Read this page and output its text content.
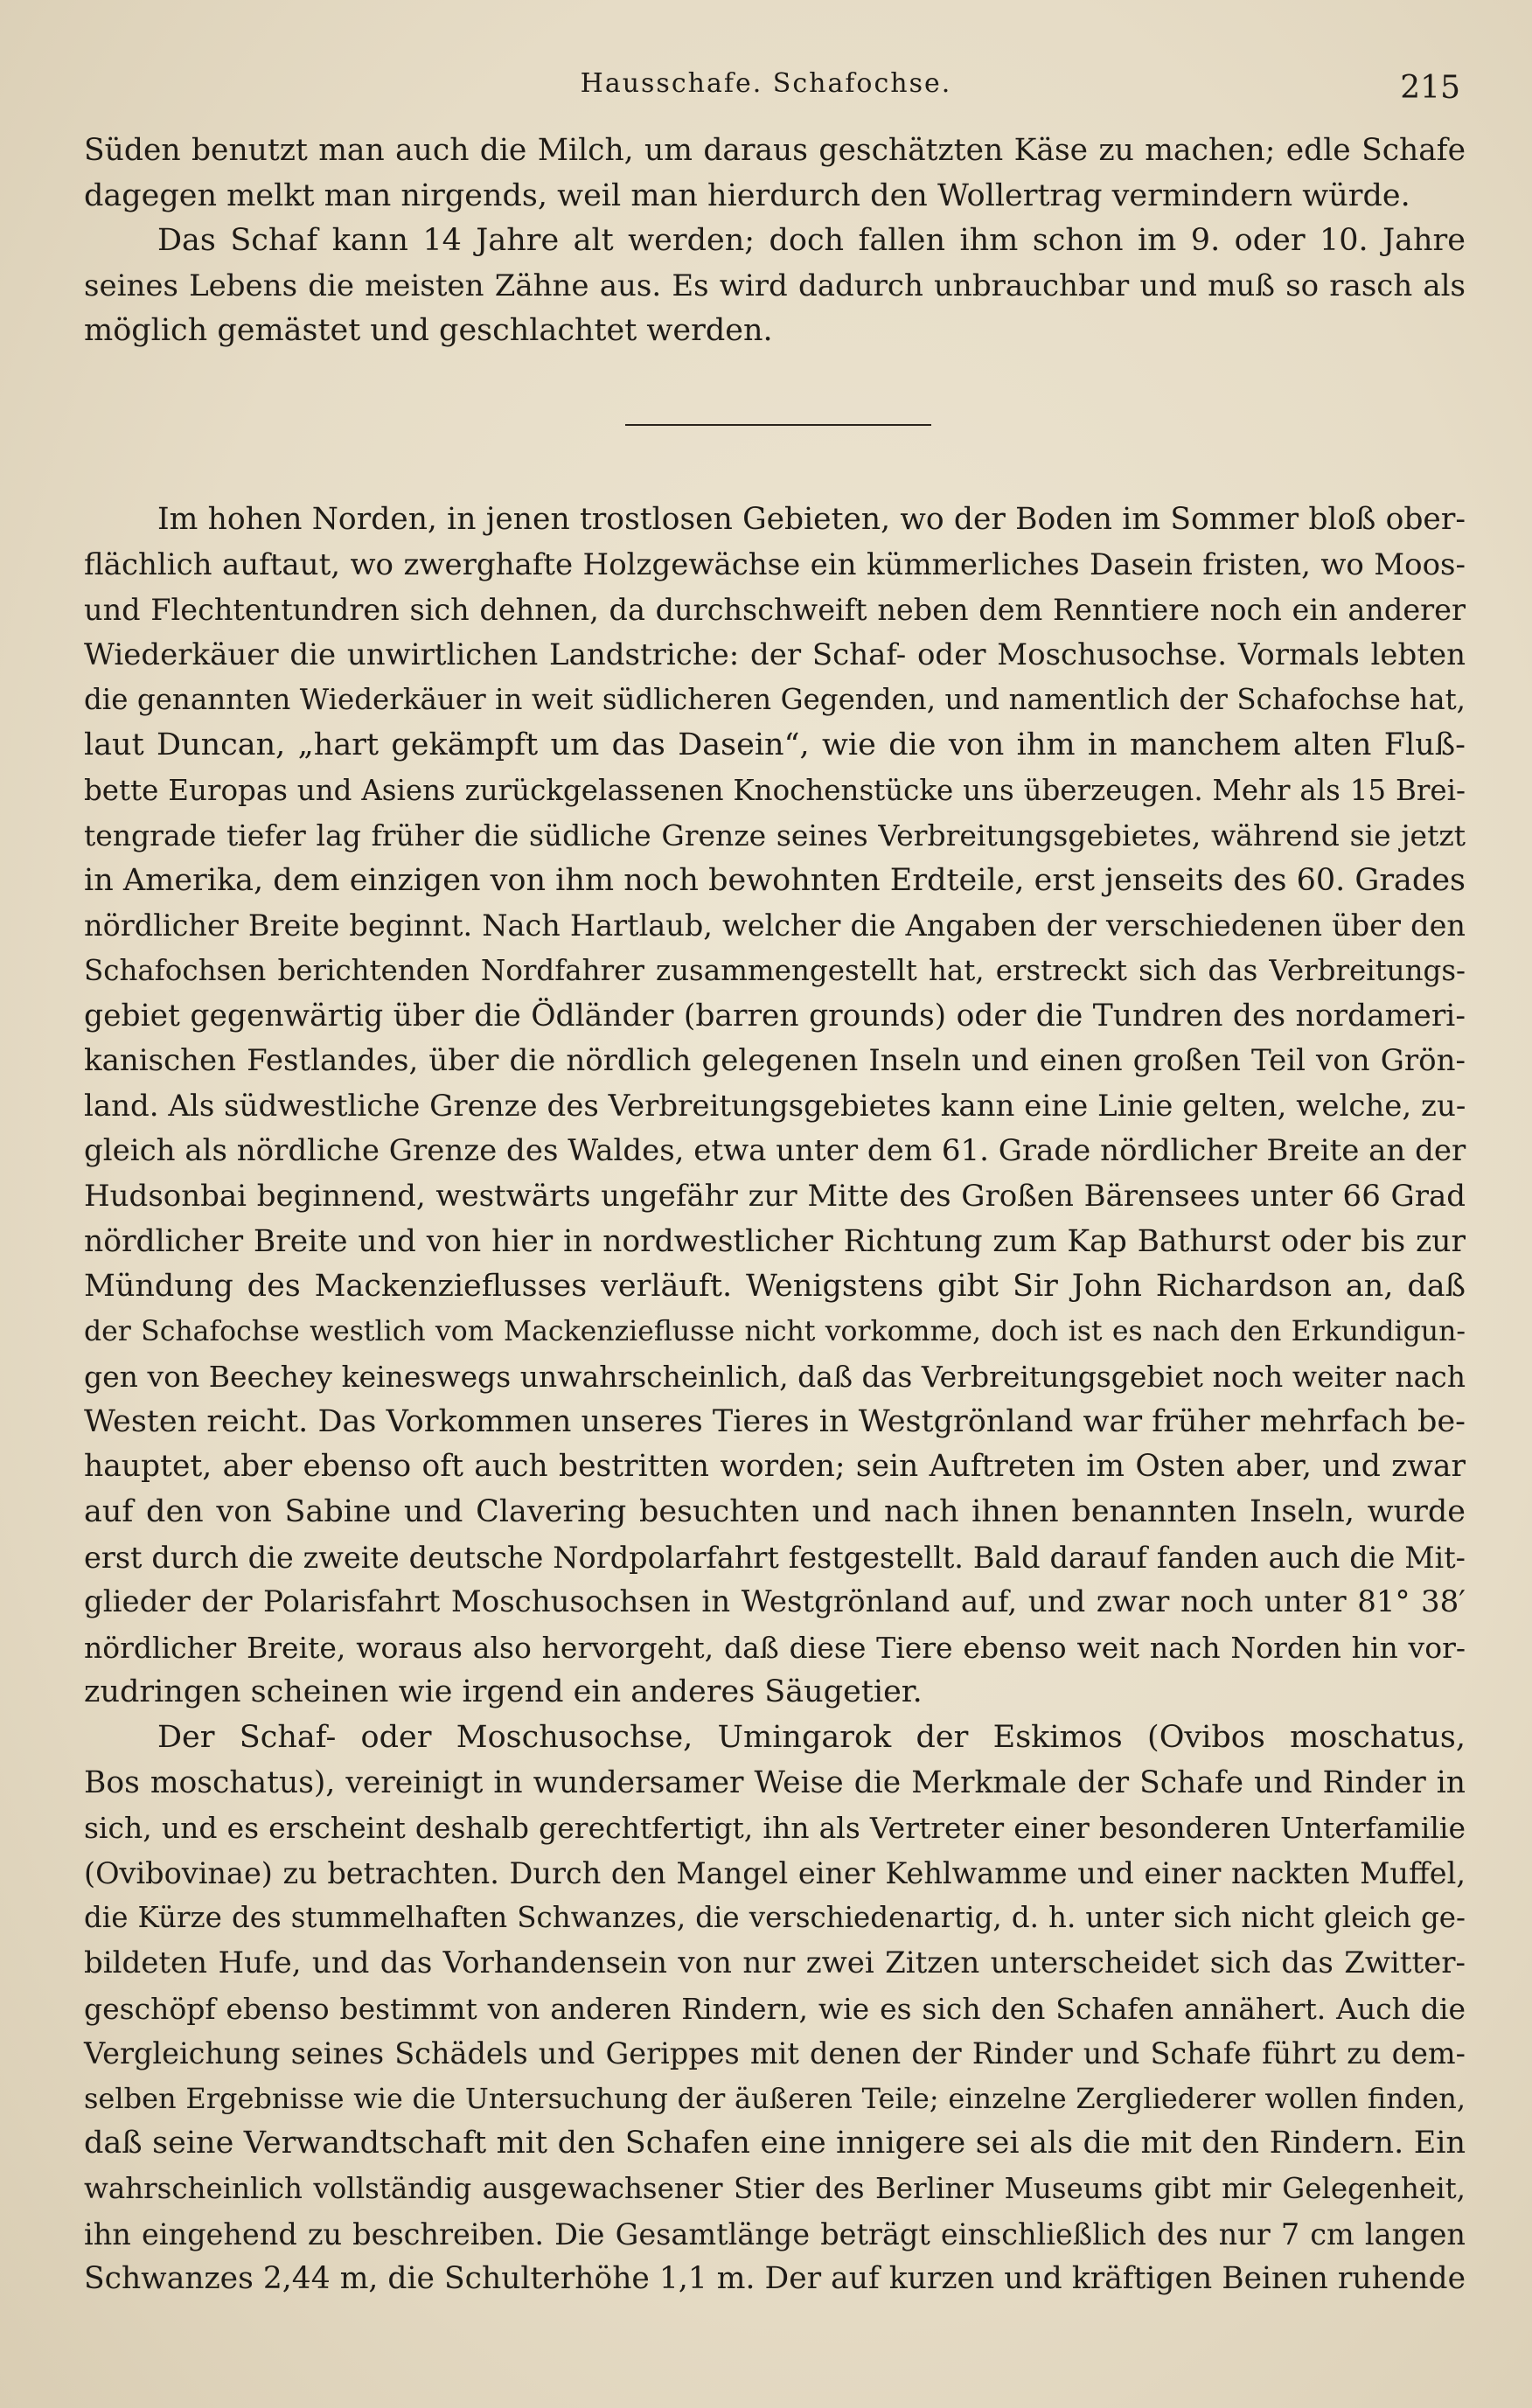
Hausschafe. Schafochse.	215
Süden benutzt man auch die Milch, um daraus geschätzten Käse zu machen; edle Schafe
dagegen melkt man nirgends, weil man hierdurch den Wollertrag vermindern würde.
Das Schaf kann 14 Jahre alt werden; doch fallen ihm schon im 9. oder 10. Jahre
seines Lebens die meisten Zähne aus. Es wird dadurch unbrauchbar und muß so rasch als
möglich gemästet und geschlachtet werden.
Im hohen Norden, in jenen trostlosen Gebieten, wo der Boden im Sommer bloß ober-
flächlich auftaut, wo zwerghafte Holzgewächse ein kümmerliches Dasein fristen, wo Moos-
und Flechtentundren sich dehnen, da durchschweift neben dem Renntiere noch ein anderer
Wiederkäuer die unwirtlichen Landstriche: der Schaf- oder Moschusochse. Vormals lebten
die genannten Wiederkäuer in weit südlicheren Gegenden, und namentlich der Schafochse hat,
laut Duncan, „hart gekämpft um das Dasein“, wie die von ihm in manchem alten Fluß-
bette Europas und Asiens zurückgelassenen Knochenstücke uns überzeugen. Mehr als 15 Brei-
tengrade tiefer lag früher die südliche Grenze seines Verbreitungsgebietes, während sie jetzt
in Amerika, dem einzigen von ihm noch bewohnten Erdteile, erst jenseits des 60. Grades
nördlicher Breite beginnt. Nach Hartlaub, welcher die Angaben der verschiedenen über den
Schafochsen berichtenden Nordfahrer zusammengestellt hat, erstreckt sich das Verbreitungs-
gebiet gegenwärtig über die Ödländer (barren grounds) oder die Tundren des nordameri-
kanischen Festlandes, über die nördlich gelegenen Inseln und einen großen Teil von Grön-
land. Als südwestliche Grenze des Verbreitungsgebietes kann eine Linie gelten, welche, zu-
gleich als nördliche Grenze des Waldes, etwa unter dem 61. Grade nördlicher Breite an der
Hudsonbai beginnend, westwärts ungefähr zur Mitte des Großen Bärensees unter 66 Grad
nördlicher Breite und von hier in nordwestlicher Richtung zum Kap Bathurst oder bis zur
Mündung des Mackenzieflusses verläuft. Wenigstens gibt Sir John Richardson an, daß
der Schafochse westlich vom Mackenzieflusse nicht vorkomme, doch ist es nach den Erkundigun-
gen von Beechey keineswegs unwahrscheinlich, daß das Verbreitungsgebiet noch weiter nach
Westen reicht. Das Vorkommen unseres Tieres in Westgrönland war früher mehrfach be-
hauptet, aber ebenso oft auch bestritten worden; sein Auftreten im Osten aber, und zwar
auf den von Sabine und Clavering besuchten und nach ihnen benannten Inseln, wurde
erst durch die zweite deutsche Nordpolarfahrt festgestellt. Bald darauf fanden auch die Mit-
glieder der Polarisfahrt Moschusochsen in Westgrönland auf, und zwar noch unter 81° 38′
nördlicher Breite, woraus also hervorgeht, daß diese Tiere ebenso weit nach Norden hin vor-
zudringen scheinen wie irgend ein anderes Säugetier.
Der Schaf- oder Moschusochse, Umingarok der Eskimos (Ovibos moschatus,
Bos moschatus), vereinigt in wundersamer Weise die Merkmale der Schafe und Rinder in
sich, und es erscheint deshalb gerechtfertigt, ihn als Vertreter einer besonderen Unterfamilie
(Ovibovinae) zu betrachten. Durch den Mangel einer Kehlwamme und einer nackten Muffel,
die Kürze des stummelhaften Schwanzes, die verschiedenartig, d. h. unter sich nicht gleich ge-
bildeten Hufe, und das Vorhandensein von nur zwei Zitzen unterscheidet sich das Zwitter-
geschöpf ebenso bestimmt von anderen Rindern, wie es sich den Schafen annähert. Auch die
Vergleichung seines Schädels und Gerippes mit denen der Rinder und Schafe führt zu dem-
selben Ergebnisse wie die Untersuchung der äußeren Teile; einzelne Zergliederer wollen finden,
daß seine Verwandtschaft mit den Schafen eine innigere sei als die mit den Rindern. Ein
wahrscheinlich vollständig ausgewachsener Stier des Berliner Museums gibt mir Gelegenheit,
ihn eingehend zu beschreiben. Die Gesamtlänge beträgt einschließlich des nur 7 cm langen
Schwanzes 2,44 m, die Schulterhöhe 1,1 m. Der auf kurzen und kräftigen Beinen ruhende
